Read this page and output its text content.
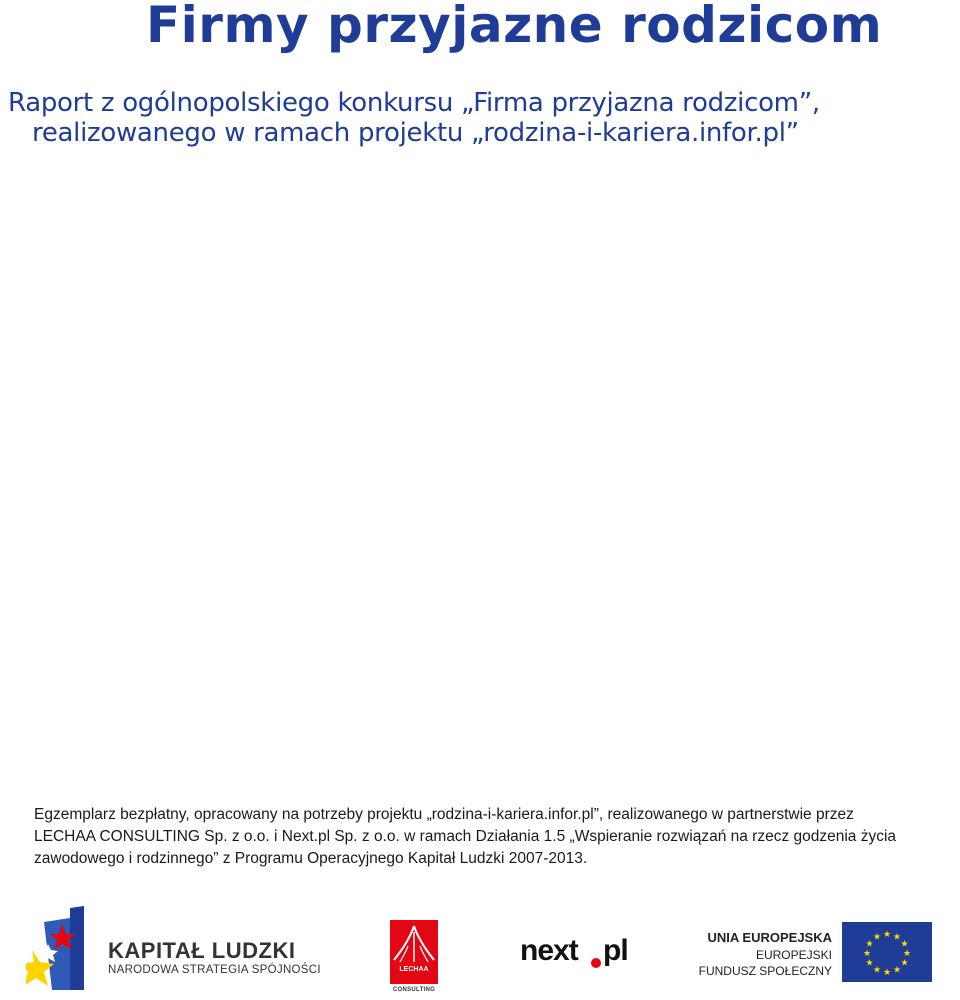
Firmy przyjazne rodzicom
Raport z ogólnopolskiego konkursu „Firma przyjazna rodzicom”,
realizowanego w ramach projektu „rodzina-i-kariera.infor.pl”
Egzemplarz bezpłatny, opracowany na potrzeby projektu „rodzina-i-kariera.infor.pl”, realizowanego w partnerstwie przez
LECHAA CONSULTING Sp. z o.o. i Next.pl Sp. z o.o. w ramach Działania 1.5 „Wspieranie rozwiązań na rzecz godzenia życia
zawodowego i rodzinnego” z Programu Operacyjnego Kapitał Ludzki 2007-2013.
KAPITAŁ LUDZKI
NARODOWA STRATEGIA SPÓJNOŚCI	LECHAA
CONSULTING
next pl	UNIA EUROPEJSKA
EUROPEJSKI
FUNDUSZ SPOŁECZNY
★ ★
★
★
★
★
★
★
★
★
★
★
